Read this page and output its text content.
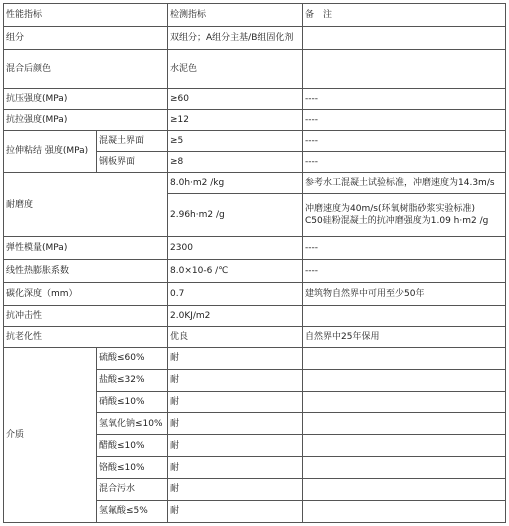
性能指标		检测指标	备　注
组分		双组分；A组分主基/B组固化剂	
混合后颜色		水泥色	
抗压强度(MPa)		≥60	----
抗拉强度(MPa)		≥12	----
拉伸粘结 强度(MPa)	混凝土界面	≥5	----
	钢板界面	≥8	----
耐磨度		8.0h·m2 /kg	参考水工混凝土试验标准，冲磨速度为14.3m/s
		2.96h·m2 /g	冲磨速度为40m/s(环氧树脂砂浆实验标准)
C50硅粉混凝土的抗冲磨强度为1.09 h·m2 /g

弹性模量(MPa)		2300	----
线性热膨胀系数		8.0×10-6 /℃	----
碳化深度（mm）		0.7	建筑物自然界中可用至少50年
抗冲击性		2.0KJ/m2	
抗老化性		优良	自然界中25年保用
介质	硫酸≤60%	耐	
	盐酸≤32%	耐	
	硝酸≤10%	耐	
	氢氧化钠≤10%	耐	
	醋酸≤10%	耐	
	铬酸≤10%	耐	
	混合污水	耐	
	氢氟酸≤5%	耐	
